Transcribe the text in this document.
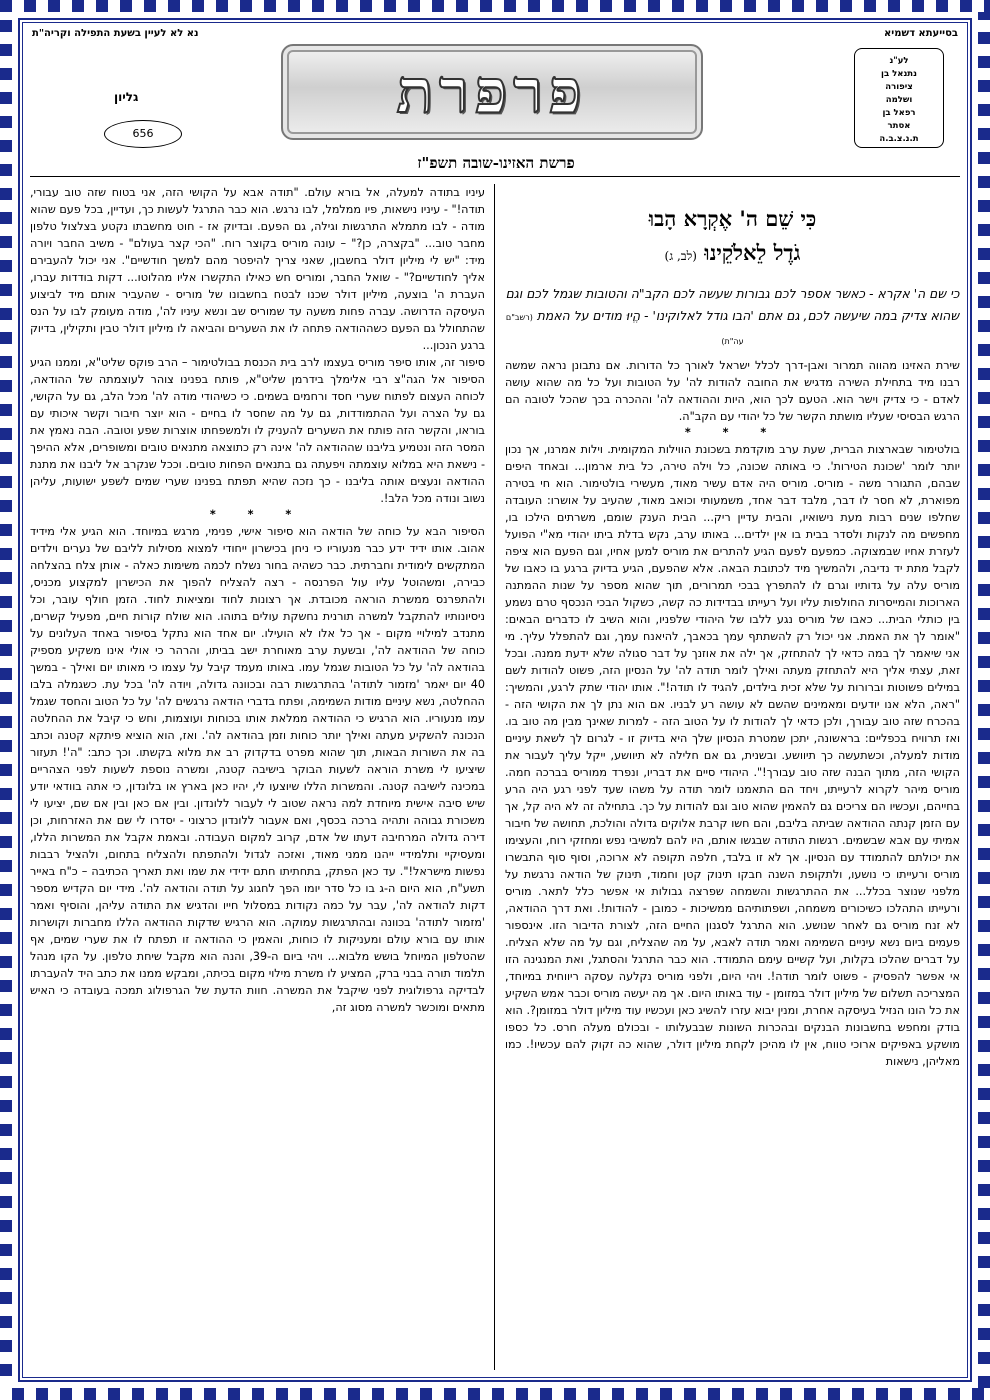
בסייעתא דשמיא
נא לא לעיין בשעת התפילה וקריה"ת
לע"נ
נתנאל בן
ציפורה
ושלמה
רפאל בן
אסתר
ת.נ.צ.ב.ה
פרפרת
גליון
656
פרשת האזינו-שובה תשפ"ז
כִּי שֵׁם ה' אֶקְרָא הָבוּ
גֹדֶל לֵאלֹקֵינוּ (לב, ג)
כי שם ה' אקרא - כאשר אספר לכם גבורות שעשה לכם הקב"ה והטובות שגמל לכם וגם שהוא צדיק במה שיעשה לכם, גם אתם 'הבו גודל לאלוקינו' - הֱיוּ מודים על האמת (רשב"ם עה"ת)

שירת האזינו מהווה תמרור ואבן-דרך לכלל ישראל לאורך כל הדורות. אם נתבונן נראה שמשה רבנו מיד בתחילת השירה מדגיש את החובה להודות לה' על הטובות ועל כל מה שהוא עושה לאדם - כי צדיק וישר הוא. הטעם לכך הוא, היות וההודאה לה' וההכרה בכך שהכל לטובה הם הרגש הבסיסי שעליו מושתת הקשר של כל יהודי עם הקב"ה.

* * *

בולטימור שבארצות הברית, שעת ערב מוקדמת בשכונת הווילות המקומית. וילות אמרנו, אך נכון יותר לומר 'שכונת הטירות'. כי באותה שכונה, כל וילה טירה, כל בית ארמון... ובאחד היפים שבהם, התגורר משה - מוריס. מוריס היה אדם עשיר מאוד, מעשירי בולטימור. הוא חי בטירה מפוארת, לא חסר לו דבר, מלבד דבר אחד, משמעותי וכואב מאוד, שהעיב על אושרו: העובדה שחלפו שנים רבות מעת נישואיו, והבית עדיין ריק... הבית הענק שומם, משרתים הילכו בו, מחפשים מה לנקות ולסדר בבית בו אין ילדים... באותו ערב, נקש בדלת ביתו יהודי מא"י הפועל לעזרת אחיו שבמצוקה. כמפעם לפעם הגיע להתרים את מוריס למען אחיו, וגם הפעם הוא ציפה לקבל מתת יד נדיבה, ולהמשיך מיד לכתובת הבאה. אלא שהפעם, הגיע בדיוק ברגע בו כאבו של מוריס עלה על גדותיו וגרם לו להתפרץ בבכי תמרורים, תוך שהוא מספר על שנות ההמתנה הארוכות והמייסרות החולפות עליו ועל רעייתו בבדידות כה קשה, כשקול הבכי הנכסף טרם נשמע בין כותלי הבית... כאבו של מוריס נגע ללבו של היהודי שלפניו, והוא השיב לו כדברים הבאים: "אומר לך את האמת. אני יכול רק להשתתף עמך בכאבך, להיאנח עמך, וגם להתפלל עליך. מי אני שיאמר לך במה כדאי לך להתחזק, אך ילה את אוזנך על דבר סגולה שלא ידעת ממנה. ובכל זאת, עצתי אליך היא להתחזק מעתה ואילך לומר תודה לה' על הנסיון הזה, פשוט להודות לשם במילים פשוטות וברורות על שלא זכית בילדים, להגיד לו תודה!". אותו יהודי שתק לרגע, והמשיך: "ראה, הלא אנו יודעים ומאמינים שהשם לא עושה רע לבניו. אם הוא נתן לך את הקושי הזה - בהכרח שזה טוב עבורך, ולכן כדאי לך להודות לו על הטוב הזה - למרות שאינך מבין מה טוב בו. ואז תרוויח בכפליים: בראשונה, יתכן שמטרת הנסיון שלך היא בדיוק זו - לגרום לך לשאת עיניים מודות למעלה, וכשתעשה כך תיוושע. ובשנית, גם אם חלילה לא תיוושע, ייקל עליך לעבור את הקושי הזה, מתוך הבנה שזה טוב עבורך!". היהודי סיים את דבריו, ונפרד ממוריס בברכה חמה. מוריס מיהר לקרוא לרעייתו, ויחד הם התאמנו לומר תודה על משהו שעד לפני רגע היה הרע בחייהם, ועכשיו הם צריכים גם להאמין שהוא טוב וגם להודות על כך. בתחילה זה לא היה קל, אך עם הזמן קנתה ההודאה שביתה בליבם, והם חשו קרבת אלוקים גדולה והולכת, תחושה של חיבור אמיתי עם אבא שבשמים. רגשות התודה שבגשו אותם, היו להם למשיבי נפש ומחזקי רוח, והעצימו את יכולתם להתמודד עם הנסיון. אך לא זו בלבד, חלפה תקופה לא ארוכה, וסוף סוף התבשרו מוריס ורעייתו כי נושעו, ולתקופת השנה חבקו תינוק קטן וחמוד, תינוק של הודאה נרגשת על מלפני שנוצר בכלל... את ההתרגשות והשמחה שפרצה גבולות אי אפשר כלל לתאר. מוריס ורעייתו התהלכו כשיכורים משמחה, ושפתותיהם ממשיכות - כמובן - להודות!. ואת דרך ההודאה, לא זנח מוריס גם לאחר שנושע. הוא התרגל לסגנון החיים הזה, לצורת הדיבור הזו. אינספור פעמים ביום נשא עיניים השמימה ואמר תודה לאבא, על מה שהצליח, וגם על מה שלא הצליח. על דברים שהלכו בקלות, ועל קשיים עימם התמודד. הוא כבר התרגל והסתגל, ואת המנגינה הזו אי אפשר להפסיק - פשוט לומר תודה!. ויהי היום, ולפני מוריס נקלעה עסקה ריווחית במיוחד, המצריכה תשלום של מיליון דולר במזומן - עוד באותו היום. אך מה יעשה מוריס וכבר אמש השקיע את כל הונו הנזיל בעיסקה אחרת, ומנין יבוא עזרו להשיג כאן ועכשיו עוד מיליון דולר במזומן?. הוא בודק ומחפש בחשבונות הבנקים ובהכרות השונות שבבעלותו - ובכולם מעלה חרס. כל כספו מושקע באפיקים ארוכי טווח, אין לו מהיכן לקחת מיליון דולר, שהוא כה זקוק להם עכשיו!. כמו מאליהן, נישאות

עיניו בתודה למעלה, אל בורא עולם. "תודה אבא על הקושי הזה, אני בטוח שזה טוב עבורי, תודה!" - עיניו נישאות, פיו ממלמל, לבו נרגש. הוא כבר התרגל לעשות כך, ועדיין, בכל פעם שהוא מודה - לבו מתמלא התרגשות וגילה, גם הפעם. ובדיוק אז - חוט מחשבתו נקטע בצלצול טלפון מחבר טוב... "בקצרה, כן?" – עונה מוריס בקוצר רוח. "הכי קצר בעולם" - משיב החבר ויורה מיד: "יש לי מיליון דולר בחשבון, שאני צריך להיפטר מהם למשך חודשיים". אני יכול להעבירם אליך לחודשיים?" - שואל החבר, ומוריס חש כאילו התקשרו אליו מהלוטו... דקות בודדות עברו, העברת ה' בוצעה, מיליון דולר שכנו לבטח בחשבונו של מוריס - שהעביר אותם מיד לביצוע העיסקה הדרושה. עברה פחות משעה עד שמוריס שב ונשא עיניו לה', מודה מעומק לבו על הנס שהתחולל גם הפעם כשההודאה פתחה לו את השערים והביאה לו מיליון דולר טבין ותקילין, בדיוק ברגע הנכון...

סיפור זה, אותו סיפר מוריס בעצמו לרב בית הכנסת בבולטימור – הרב פוקס שליט"א, וממנו הגיע הסיפור אל הגה"צ רבי אלימלך בידרמן שליט"א, פותח בפנינו צוהר לעוצמתה של ההודאה, לכוחה העצום לפתוח שערי חסד ורחמים בשמים. כי כשיהודי מודה לה' מכל הלב, גם על הקושי, גם על הצרה ועל ההתמודדות, גם על מה שחסר לו בחיים - הוא יוצר חיבור וקשר איכותי עם בוראו, והקשר הזה פותח את השערים להעניק לו ולמשפחתו אוצרות שפע וטובה. הבה נאמץ את המסר הזה ונטמיע בליבנו שההודאה לה' אינה רק כתוצאה מתנאים טובים ומשופרים, אלא ההיפך - נישאת היא במלוא עוצמתה ויפעתה גם בתנאים הפחות טובים. וככל שנקרב אל ליבנו את מתנת ההודאה ונעצים אותה בליבנו - כך נזכה שהיא תפתח בפנינו שערי שמים לשפע ישועות, עליהן נשוב ונודה מכל הלב!.

* * *

הסיפור הבא על כוחה של הודאה הוא סיפור אישי, פנימי, מרגש במיוחד. הוא הגיע אלי מידיד אהוב. אותו ידיד ידע כבר מנעוריו כי ניחן בכישרון ייחודי למצוא מסילות לליבם של נערים וילדים המתקשים לימודית וחברתית. כבר כשהיה בחור נשלח לכמה משימות כאלה - אותן צלח בהצלחה כבירה, ומשהוטל עליו עול הפרנסה - רצה להצליח להפוך את הכישרון למקצוע מכניס, ולהתפרנס ממשרת הוראה מכובדת. אך רצונות לחוד ומציאות לחוד. הזמן חולף עובר, וכל ניסיונותיו להתקבל למשרה תורנית נחשקת עולים בתוהו. הוא שולח קורות חיים, מפעיל קשרים, מתנדב למילויי מקום - אך כל אלו לא הועילו. יום אחד הוא נתקל בסיפור באחד העלונים על כוחה של ההודאה לה', ובשעת ערב מאוחרת ישב בביתו, והרהר כי אולי אינו משקיע מספיק בהודאה לה' על כל הטובות שגמל עמו. באותו מעמד קיבל על עצמו כי מאותו יום ואילך - במשך 40 יום יאמר 'מזמור לתודה' בהתרגשות רבה ובכוונה גדולה, ויודה לה' בכל עת. כשגמלה בלבו ההחלטה, נשא עיניים מודות השמימה, ופתח בדברי הודאה נרגשים לה' על כל הטוב והחסד שגמל עמו מנעוריו. הוא הרגיש כי ההודאה ממלאת אותו בכוחות ועוצמות, וחש כי קיבל את ההחלטה הנכונה להשקיע מעתה ואילך יותר כוחות וזמן בהודאה לה'. ואז, הוא הוציא פיתקא קטנה וכתב בה את השורות הבאות, תוך שהוא מפרט בדקדוק רב את מלוא בקשתו. וכך כתב: "ה'! תעזור שיציעו לי משרת הוראה לשעות הבוקר בישיבה קטנה, ומשרה נוספת לשעות לפני הצהריים במכינה לישיבה קטנה. והמשרות הללו שיוצעו לי, יהיו כאן בארץ או בלונדון, כי אתה בוודאי יודע שיש סיבה אישית מיוחדת למה נראה שטוב לי לעבור ללונדון. ובין אם כאן ובין אם שם, יציעו לי משכורת גבוהה ותהיה ברכה בכסף, ואם אעבור ללונדון כרצוני - יסדרו לי שם את האזרחות, וכן דירה גדולה המרחיבה דעתו של אדם, קרוב למקום העבודה. ובאמת אקבל את המשרות הללו, ומעסיקיי ותלמידיי ייהנו ממני מאוד, ואזכה לגדול ולהתפתח ולהצליח בתחום, ולהציל רבבות נפשות מישראל!". עד כאן הפתק, בתחתיתו חתם ידידי את שמו ואת תאריך הכתיבה – כ"ח באייר תשע"ח, הוא היום ה-ג בו כל סדר יומו הפך לחגוג על תודה והודאה לה'. מידי יום הקדיש מספר דקות להודאה לה', עבר על כמה נקודות במסלול חייו והדגיש את התודה עליהן, והוסיף ואמר 'מזמור לתודה' בכוונה ובהתרגשות עמוקה. הוא הרגיש שדקות ההודאה הללו מחברות וקושרות אותו עם בורא עולם ומעניקות לו כוחות, והאמין כי ההודאה זו תפתח לו את שערי שמים, אף שהטלפון המיוחל בושש מלבוא... ויהי ביום ה-39, והנה הוא מקבל שיחת טלפון. על הקו מנהל תלמוד תורה בבני ברק, המציע לו משרת מילוי מקום בכיתה, ומבקש ממנו את כתב היד להעברתו לבדיקה גרפולוגית לפני שיקבל את המשרה. חוות הדעת של הגרפולוג תמכה בעובדה כי האיש מתאים ומוכשר למשרה מסוג זה,
